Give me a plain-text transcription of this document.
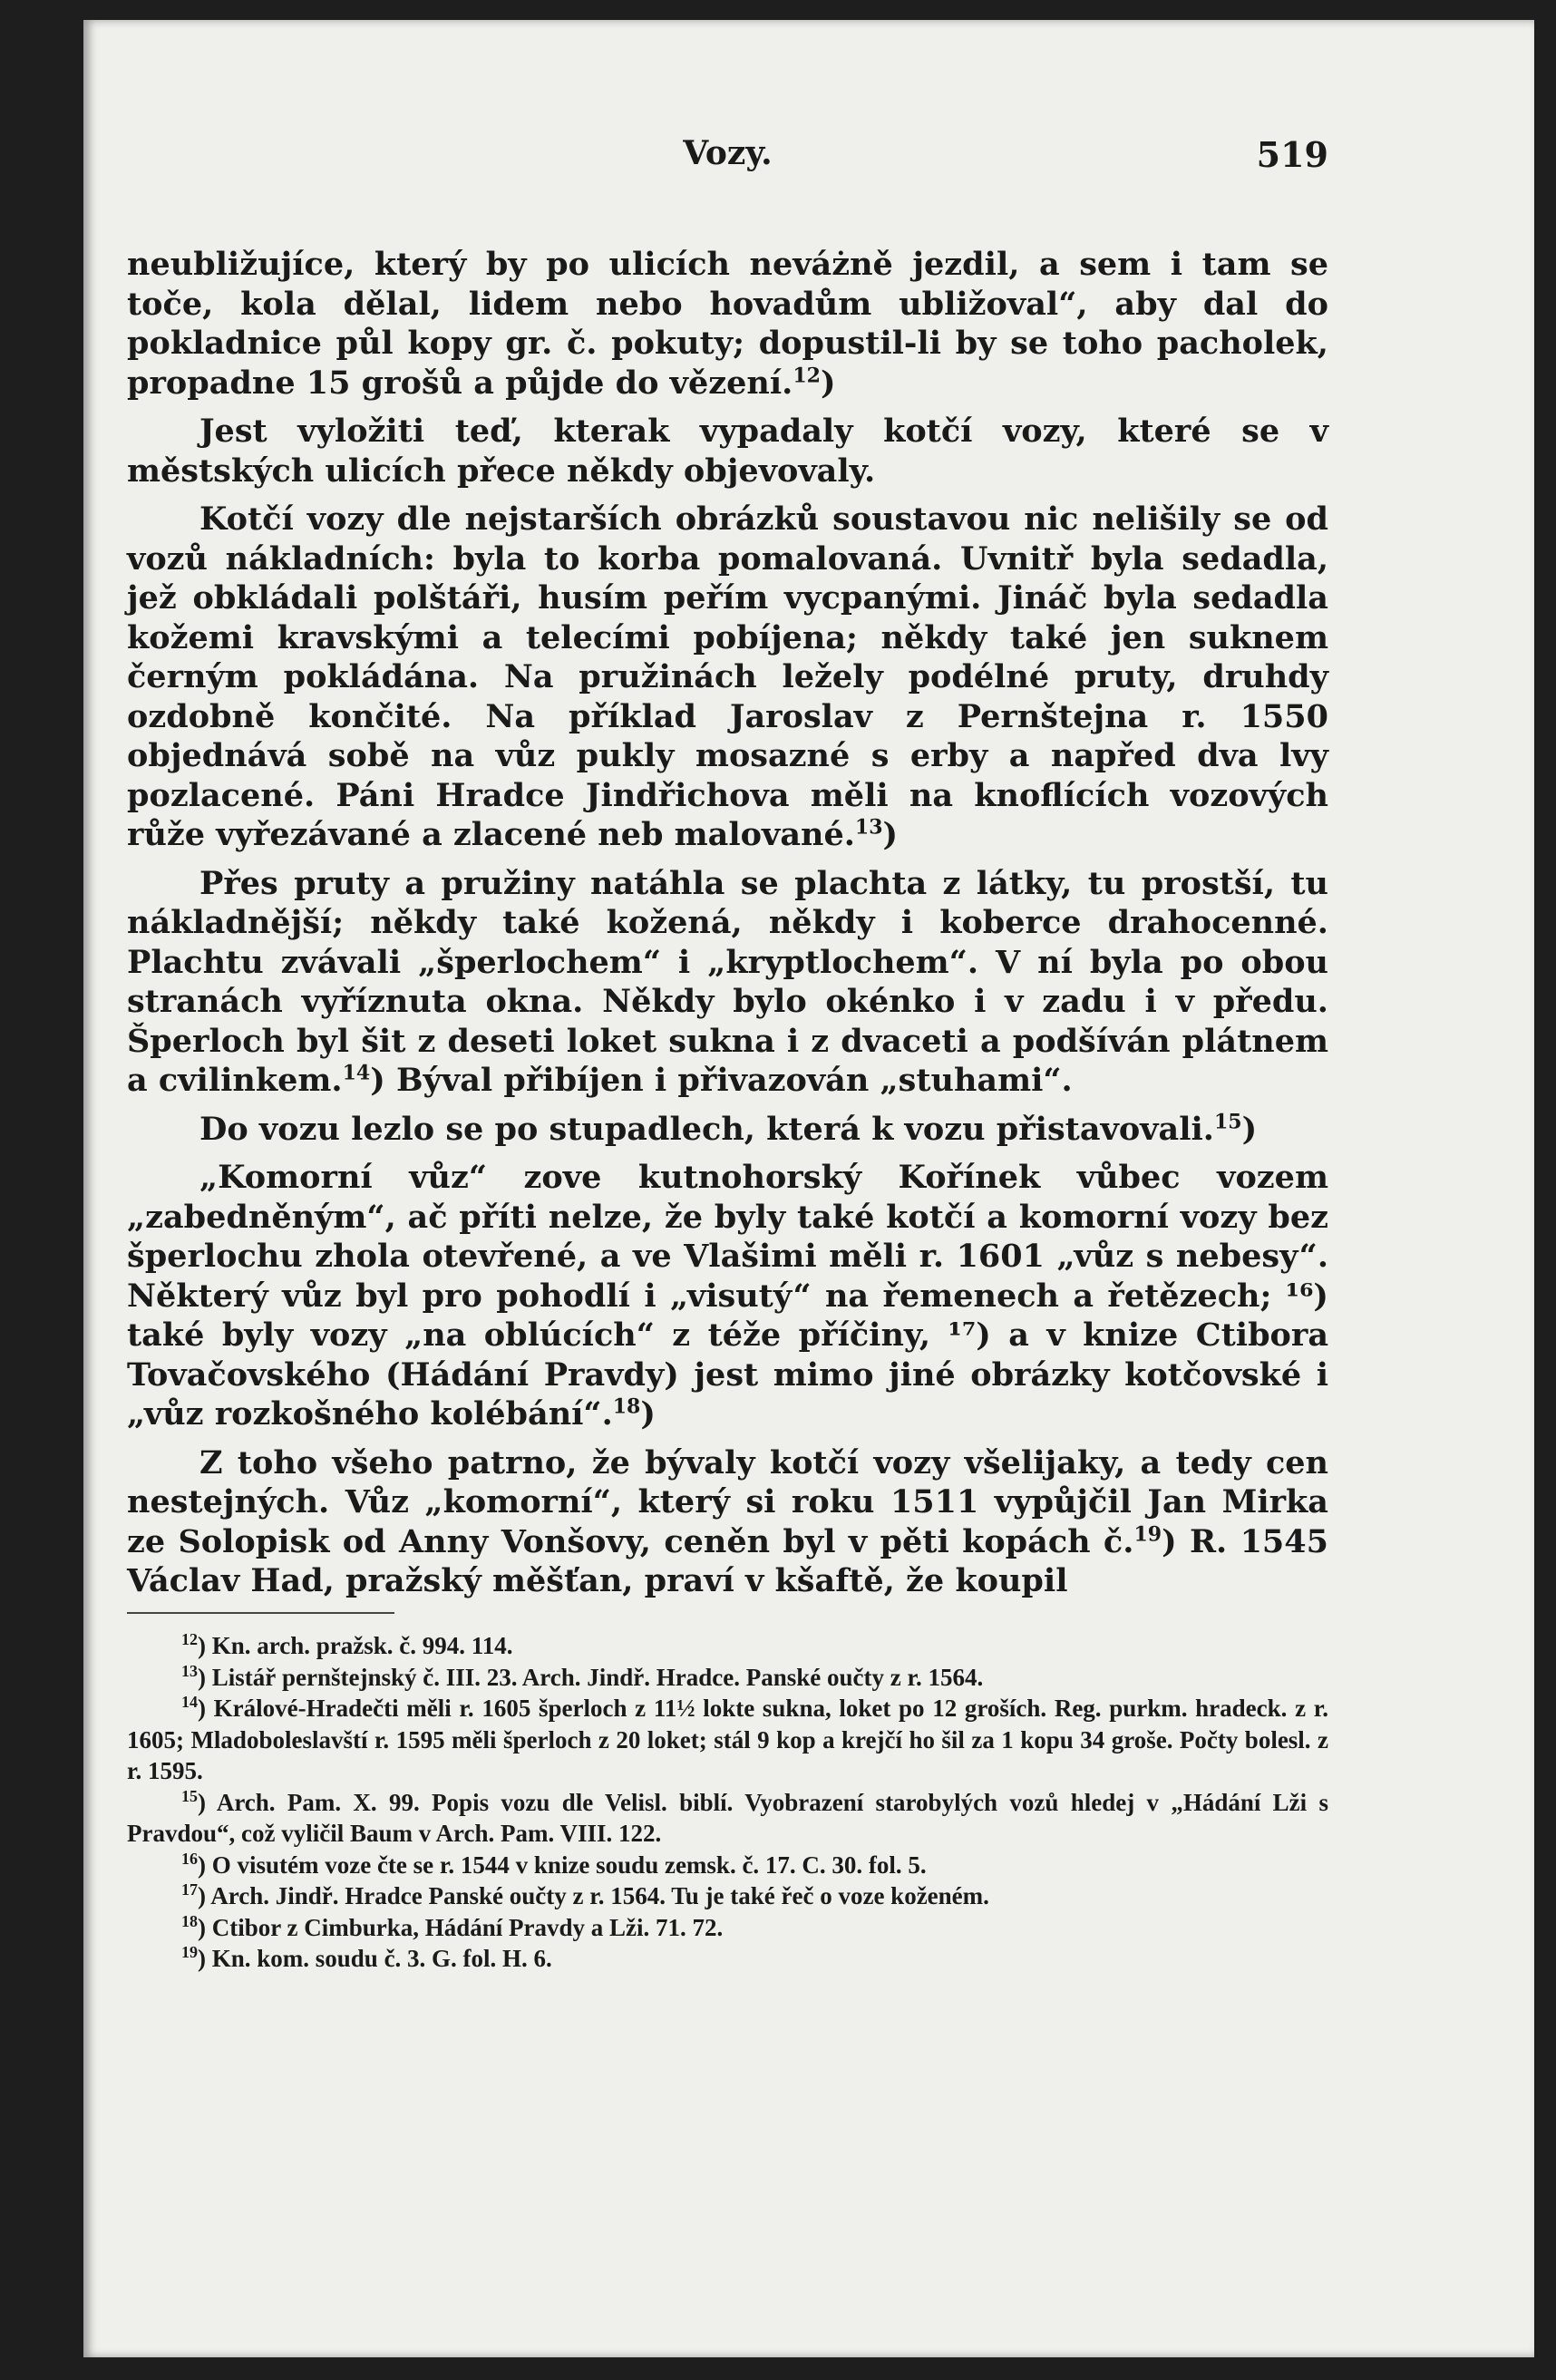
Vozy.	519

neubližujíce, který by po ulicích neváżně jezdil, a sem i tam se toče, kola dělal, lidem nebo hovadům ubližoval“, aby dal do pokladnice půl kopy gr. č. pokuty; dopustil-li by se toho pacholek, propadne 15 grošů a půjde do vězení.$^{12}$)

Jest vyložiti teď, kterak vypadaly kotčí vozy, které se v městských ulicích přece někdy objevovaly.

Kotčí vozy dle nejstarších obrázků soustavou nic nelišily se od vozů nákladních: byla to korba pomalovaná. Uvnitř byla sedadla, jež obkládali polštáři, husím peřím vycpanými. Jináč byla sedadla kožemi kravskými a telecími pobíjena; někdy také jen suknem černým pokládána. Na pružinách ležely podélné pruty, druhdy ozdobně končité. Na příklad Jaroslav z Pernštejna r. 1550 objednává sobě na vůz pukly mosazné s erby a napřed dva lvy pozlacené. Páni Hradce Jindřichova měli na knoflících vozových růže vyřezávané a zlacené neb malované.$^{13}$)

Přes pruty a pružiny natáhla se plachta z látky, tu prostší, tu nákladnější; někdy také kožená, někdy i koberce drahocenné. Plachtu zvávali „šperlochem“ i „kryptlochem“. V ní byla po obou stranách vyříznuta okna. Někdy bylo okénko i v zadu i v předu. Šperloch byl šit z deseti loket sukna i z dvaceti a podšíván plátnem a cvilinkem.$^{14}$) Býval přibíjen i přivazován „stuhami“.

Do vozu lezlo se po stupadlech, která k vozu přistavovali.$^{15}$)

„Komorní vůz“ zove kutnohorský Kořínek vůbec vozem „zabedněným“, ač příti nelze, že byly také kotčí a komorní vozy bez šperlochu zhola otevřené, a ve Vlašimi měli r. 1601 „vůz s nebesy“. Některý vůz byl pro pohodlí i „visutý“ na řemenech a řetězech; ¹⁶) také byly vozy „na oblúcích“ z téže příčiny, ¹⁷) a v knize Ctibora Tovačovského (Hádání Pravdy) jest mimo jiné obrázky kotčovské i „vůz rozkošného kolébání“.$^{18}$)

Z toho všeho patrno, že bývaly kotčí vozy všelijaky, a tedy cen nestejných. Vůz „komorní“, který si roku 1511 vypůjčil Jan Mirka ze Solopisk od Anny Vonšovy, ceněn byl v pěti kopách č.$^{19}$) R. 1545 Václav Had, pražský měšťan, praví v kšaftě, že koupil

$^{12}$) Kn. arch. pražsk. č. 994. 114.

$^{13}$) Listář pernštejnský č. III. 23. Arch. Jindř. Hradce. Panské oučty z r. 1564.

$^{14}$) Králové-Hradečti měli r. 1605 šperloch z 11½ lokte sukna, loket po 12 groších. Reg. purkm. hradeck. z r. 1605; Mladoboleslavští r. 1595 měli šperloch z 20 loket; stál 9 kop a krejčí ho šil za 1 kopu 34 groše. Počty bolesl. z r. 1595.

$^{15}$) Arch. Pam. X. 99. Popis vozu dle Velisl. biblí. Vyobrazení starobylých vozů hledej v „Hádání Lži s Pravdou“, což vyličil Baum v Arch. Pam. VIII. 122.

$^{16}$) O visutém voze čte se r. 1544 v knize soudu zemsk. č. 17. C. 30. fol. 5.

$^{17}$) Arch. Jindř. Hradce Panské oučty z r. 1564. Tu je také řeč o voze koženém.

$^{18}$) Ctibor z Cimburka, Hádání Pravdy a Lži. 71. 72.

$^{19}$) Kn. kom. soudu č. 3. G. fol. H. 6.
